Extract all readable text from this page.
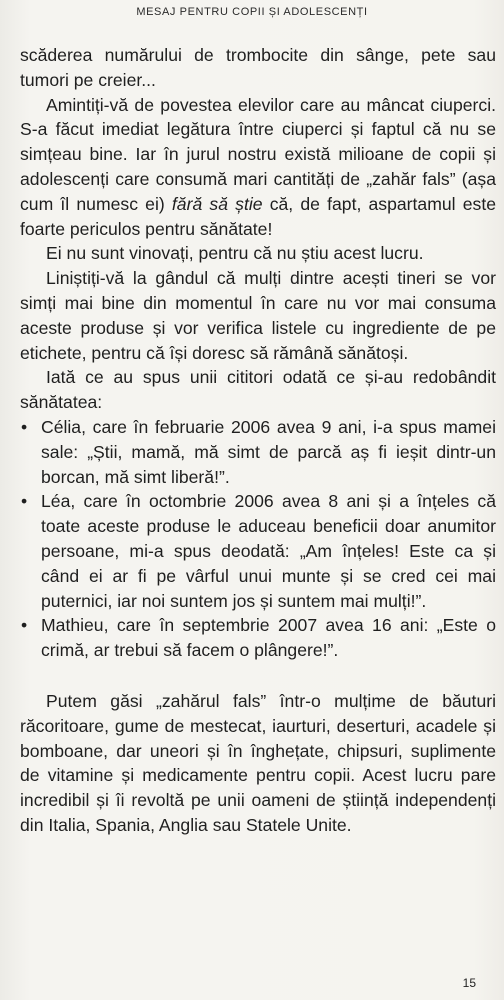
MESAJ PENTRU COPII ȘI ADOLESCENȚI

scăderea numărului de trombocite din sânge, pete sau tumori pe creier...

Amintiți-vă de povestea elevilor care au mâncat ciuperci. S-a făcut imediat legătura între ciuperci și faptul că nu se simțeau bine. Iar în jurul nostru există milioane de copii și adolescenți care consumă mari cantități de „zahăr fals” (așa cum îl numesc ei) fără să știe că, de fapt, aspartamul este foarte periculos pentru sănătate!

Ei nu sunt vinovați, pentru că nu știu acest lucru.

Liniștiți-vă la gândul că mulți dintre acești tineri se vor simți mai bine din momentul în care nu vor mai consuma aceste produse și vor verifica listele cu ingrediente de pe etichete, pentru că își doresc să rămână sănătoși.

Iată ce au spus unii cititori odată ce și-au redobândit sănătatea:

• Célia, care în februarie 2006 avea 9 ani, i-a spus mamei sale: „Știi, mamă, mă simt de parcă aș fi ieșit dintr-un borcan, mă simt liberă!”.
• Léa, care în octombrie 2006 avea 8 ani și a înțeles că toate aceste produse le aduceau beneficii doar anumitor persoane, mi-a spus deodată: „Am înțeles! Este ca și când ei ar fi pe vârful unui munte și se cred cei mai puternici, iar noi suntem jos și suntem mai mulți!”.
• Mathieu, care în septembrie 2007 avea 16 ani: „Este o crimă, ar trebui să facem o plângere!”.

Putem găsi „zahărul fals” într-o mulțime de băuturi răcoritoare, gume de mestecat, iaurturi, deserturi, acadele și bomboane, dar uneori și în înghețate, chipsuri, suplimente de vitamine și medicamente pentru copii. Acest lucru pare incredibil și îi revoltă pe unii oameni de știință independenți din Italia, Spania, Anglia sau Statele Unite.

15
